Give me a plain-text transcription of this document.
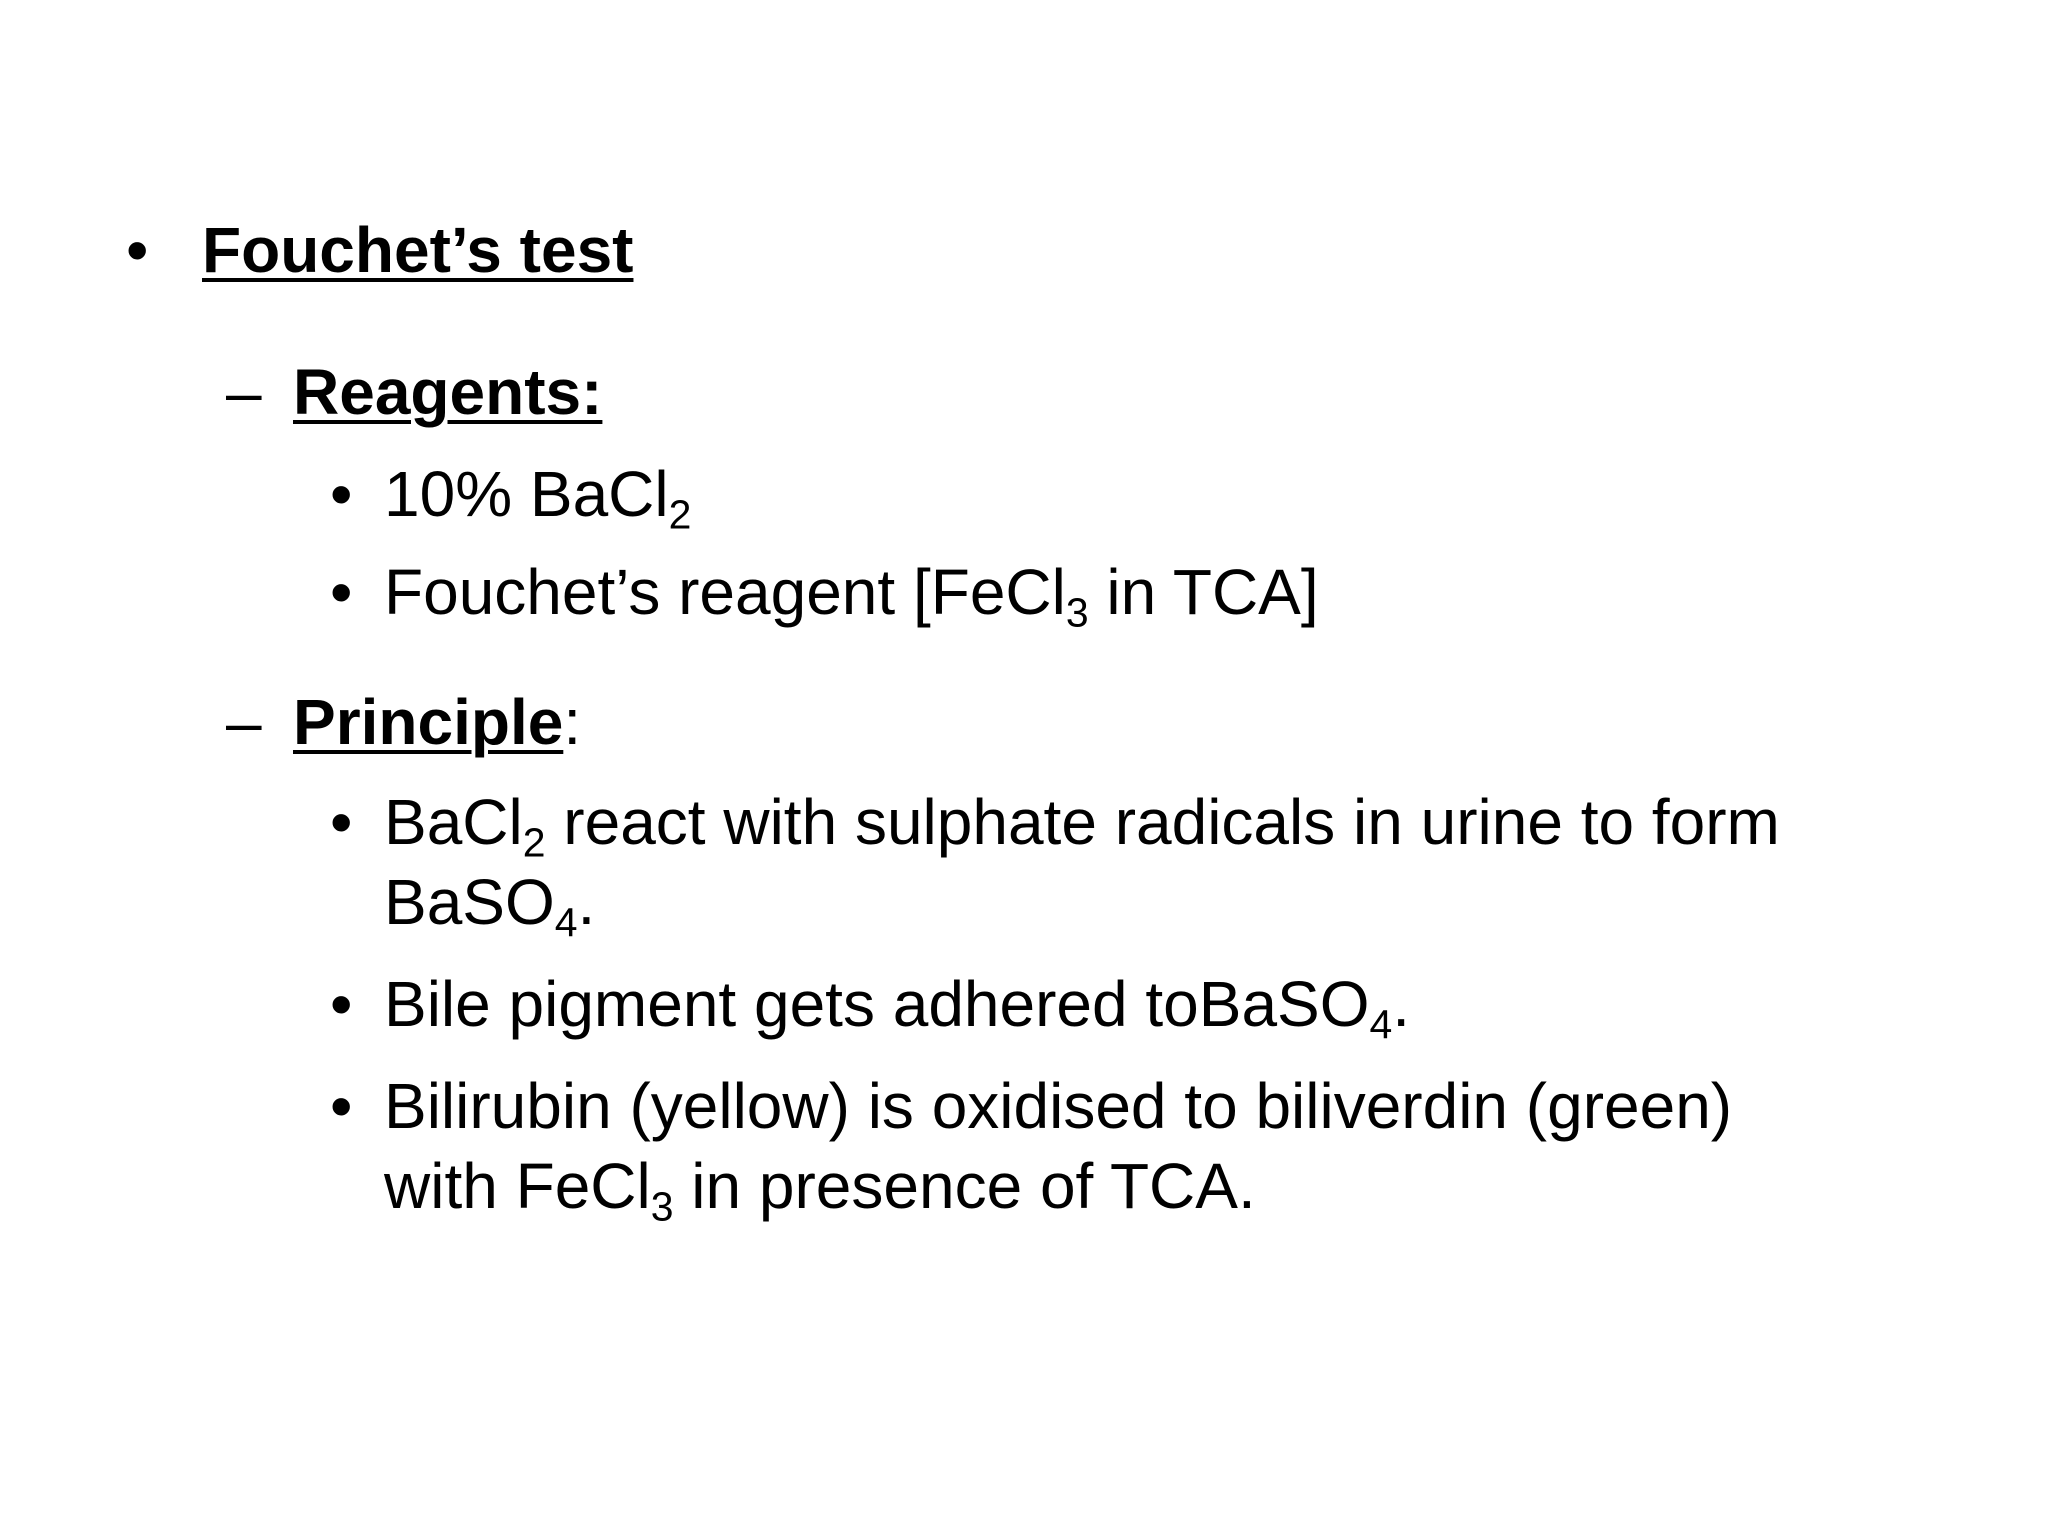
• Fouchet’s test
– Reagents:
• 10% BaCl$_2$
• Fouchet’s reagent [FeCl$_3$ in TCA]
– Principle:
• BaCl$_2$ react with sulphate radicals in urine to form
BaSO$_4$.
• Bile pigment gets adhered toBaSO$_4$.
• Bilirubin (yellow) is oxidised to biliverdin (green)
with FeCl$_3$ in presence of TCA.
